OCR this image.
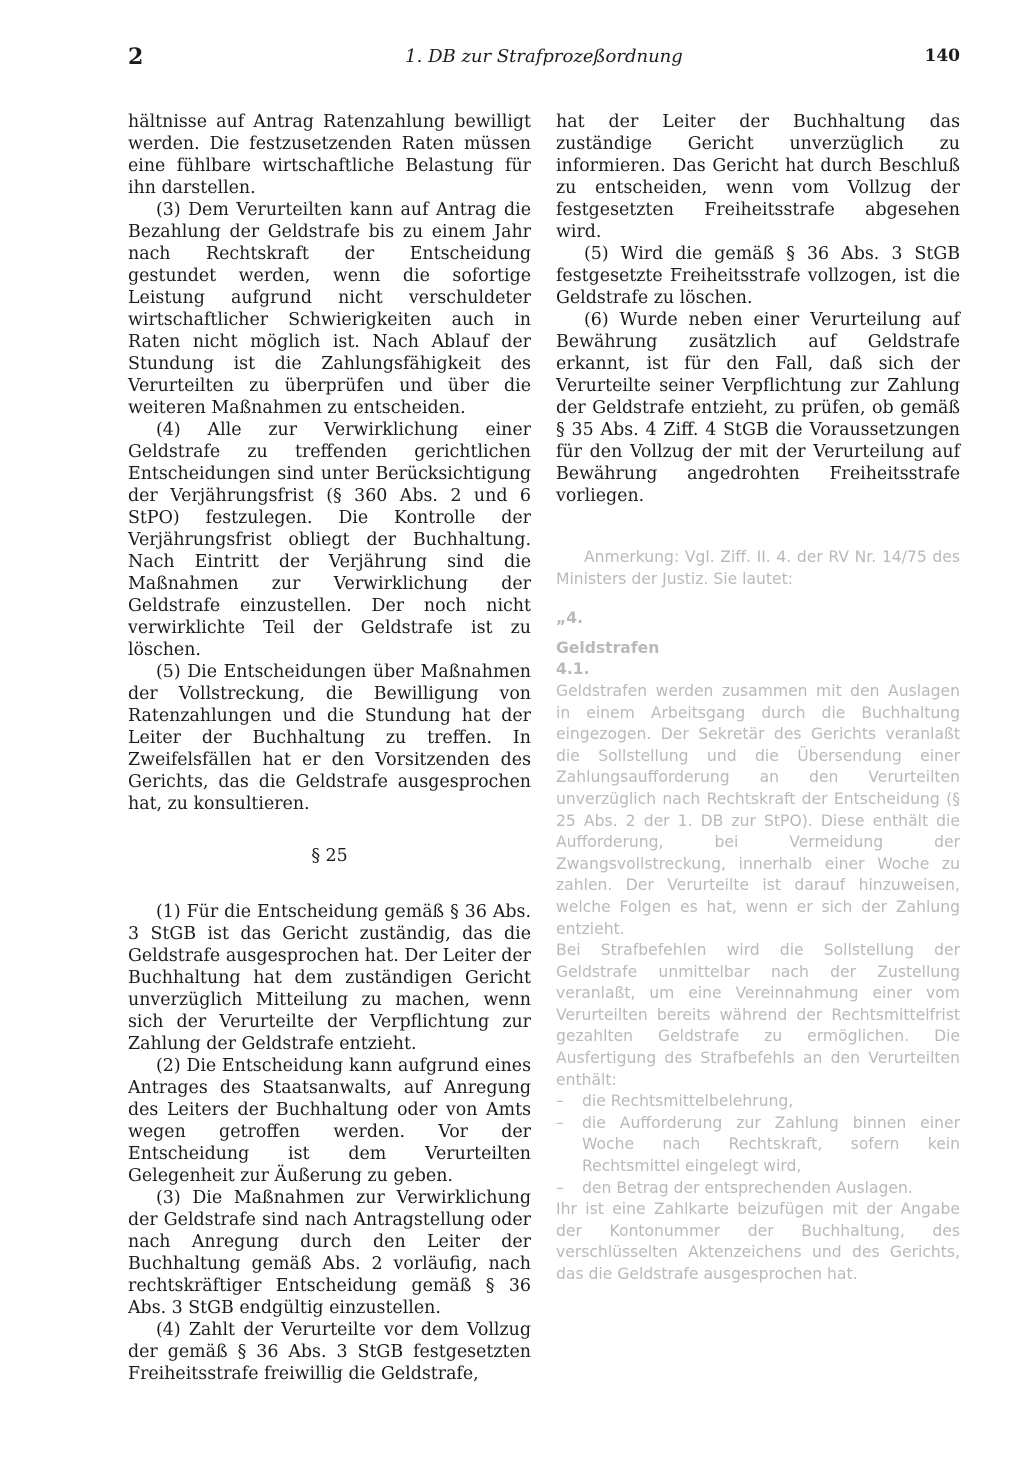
2	1. DB zur Strafprozeßordnung	140

hältnisse auf Antrag Ratenzahlung bewilligt werden. Die festzusetzenden Raten müssen eine fühlbare wirtschaftliche Belastung für ihn darstellen.

(3) Dem Verurteilten kann auf Antrag die Bezahlung der Geldstrafe bis zu einem Jahr nach Rechtskraft der Entscheidung gestundet werden, wenn die sofortige Leistung aufgrund nicht verschuldeter wirtschaftlicher Schwierigkeiten auch in Raten nicht möglich ist. Nach Ablauf der Stundung ist die Zahlungsfähigkeit des Verurteilten zu überprüfen und über die weiteren Maßnahmen zu entscheiden.

(4) Alle zur Verwirklichung einer Geldstrafe zu treffenden gerichtlichen Entscheidungen sind unter Berücksichtigung der Verjährungsfrist (§ 360 Abs. 2 und 6 StPO) festzulegen. Die Kontrolle der Verjährungsfrist obliegt der Buchhaltung. Nach Eintritt der Verjährung sind die Maßnahmen zur Verwirklichung der Geldstrafe einzustellen. Der noch nicht verwirklichte Teil der Geldstrafe ist zu löschen.

(5) Die Entscheidungen über Maßnahmen der Vollstreckung, die Bewilligung von Ratenzahlungen und die Stundung hat der Leiter der Buchhaltung zu treffen. In Zweifelsfällen hat er den Vorsitzenden des Gerichts, das die Geldstrafe ausgesprochen hat, zu konsultieren.

§ 25

(1) Für die Entscheidung gemäß § 36 Abs. 3 StGB ist das Gericht zuständig, das die Geldstrafe ausgesprochen hat. Der Leiter der Buchhaltung hat dem zuständigen Gericht unverzüglich Mitteilung zu machen, wenn sich der Verurteilte der Verpflichtung zur Zahlung der Geldstrafe entzieht.

(2) Die Entscheidung kann aufgrund eines Antrages des Staatsanwalts, auf Anregung des Leiters der Buchhaltung oder von Amts wegen getroffen werden. Vor der Entscheidung ist dem Verurteilten Gelegenheit zur Äußerung zu geben.

(3) Die Maßnahmen zur Verwirklichung der Geldstrafe sind nach Antragstellung oder nach Anregung durch den Leiter der Buchhaltung gemäß Abs. 2 vorläufig, nach rechtskräftiger Entscheidung gemäß § 36 Abs. 3 StGB endgültig einzustellen.

(4) Zahlt der Verurteilte vor dem Vollzug der gemäß § 36 Abs. 3 StGB festgesetzten Freiheitsstrafe freiwillig die Geldstrafe,

hat der Leiter der Buchhaltung das zuständige Gericht unverzüglich zu informieren. Das Gericht hat durch Beschluß zu entscheiden, wenn vom Vollzug der festgesetzten Freiheitsstrafe abgesehen wird.

(5) Wird die gemäß § 36 Abs. 3 StGB festgesetzte Freiheitsstrafe vollzogen, ist die Geldstrafe zu löschen.

(6) Wurde neben einer Verurteilung auf Bewährung zusätzlich auf Geldstrafe erkannt, ist für den Fall, daß sich der Verurteilte seiner Verpflichtung zur Zahlung der Geldstrafe entzieht, zu prüfen, ob gemäß § 35 Abs. 4 Ziff. 4 StGB die Voraussetzungen für den Vollzug der mit der Verurteilung auf Bewährung angedrohten Freiheitsstrafe vorliegen.

Anmerkung: Vgl. Ziff. II. 4. der RV Nr. 14/75 des Ministers der Justiz. Sie lautet:

„4.

Geldstrafen

4.1.

Geldstrafen werden zusammen mit den Auslagen in einem Arbeitsgang durch die Buchhaltung eingezogen. Der Sekretär des Gerichts veranlaßt die Sollstellung und die Übersendung einer Zahlungsaufforderung an den Verurteilten unverzüglich nach Rechtskraft der Entscheidung (§ 25 Abs. 2 der 1. DB zur StPO). Diese enthält die Aufforderung, bei Vermeidung der Zwangsvollstreckung, innerhalb einer Woche zu zahlen. Der Verurteilte ist darauf hinzuweisen, welche Folgen es hat, wenn er sich der Zahlung entzieht.

Bei Strafbefehlen wird die Sollstellung der Geldstrafe unmittelbar nach der Zustellung veranlaßt, um eine Vereinnahmung einer vom Verurteilten bereits während der Rechtsmittelfrist gezahlten Geldstrafe zu ermöglichen. Die Ausfertigung des Strafbefehls an den Verurteilten enthält:

– die Rechtsmittelbelehrung,
– die Aufforderung zur Zahlung binnen einer Woche nach Rechtskraft, sofern kein Rechtsmittel eingelegt wird,
– den Betrag der entsprechenden Auslagen.

Ihr ist eine Zahlkarte beizufügen mit der Angabe der Kontonummer der Buchhaltung, des verschlüsselten Aktenzeichens und des Gerichts, das die Geldstrafe ausgesprochen hat.
